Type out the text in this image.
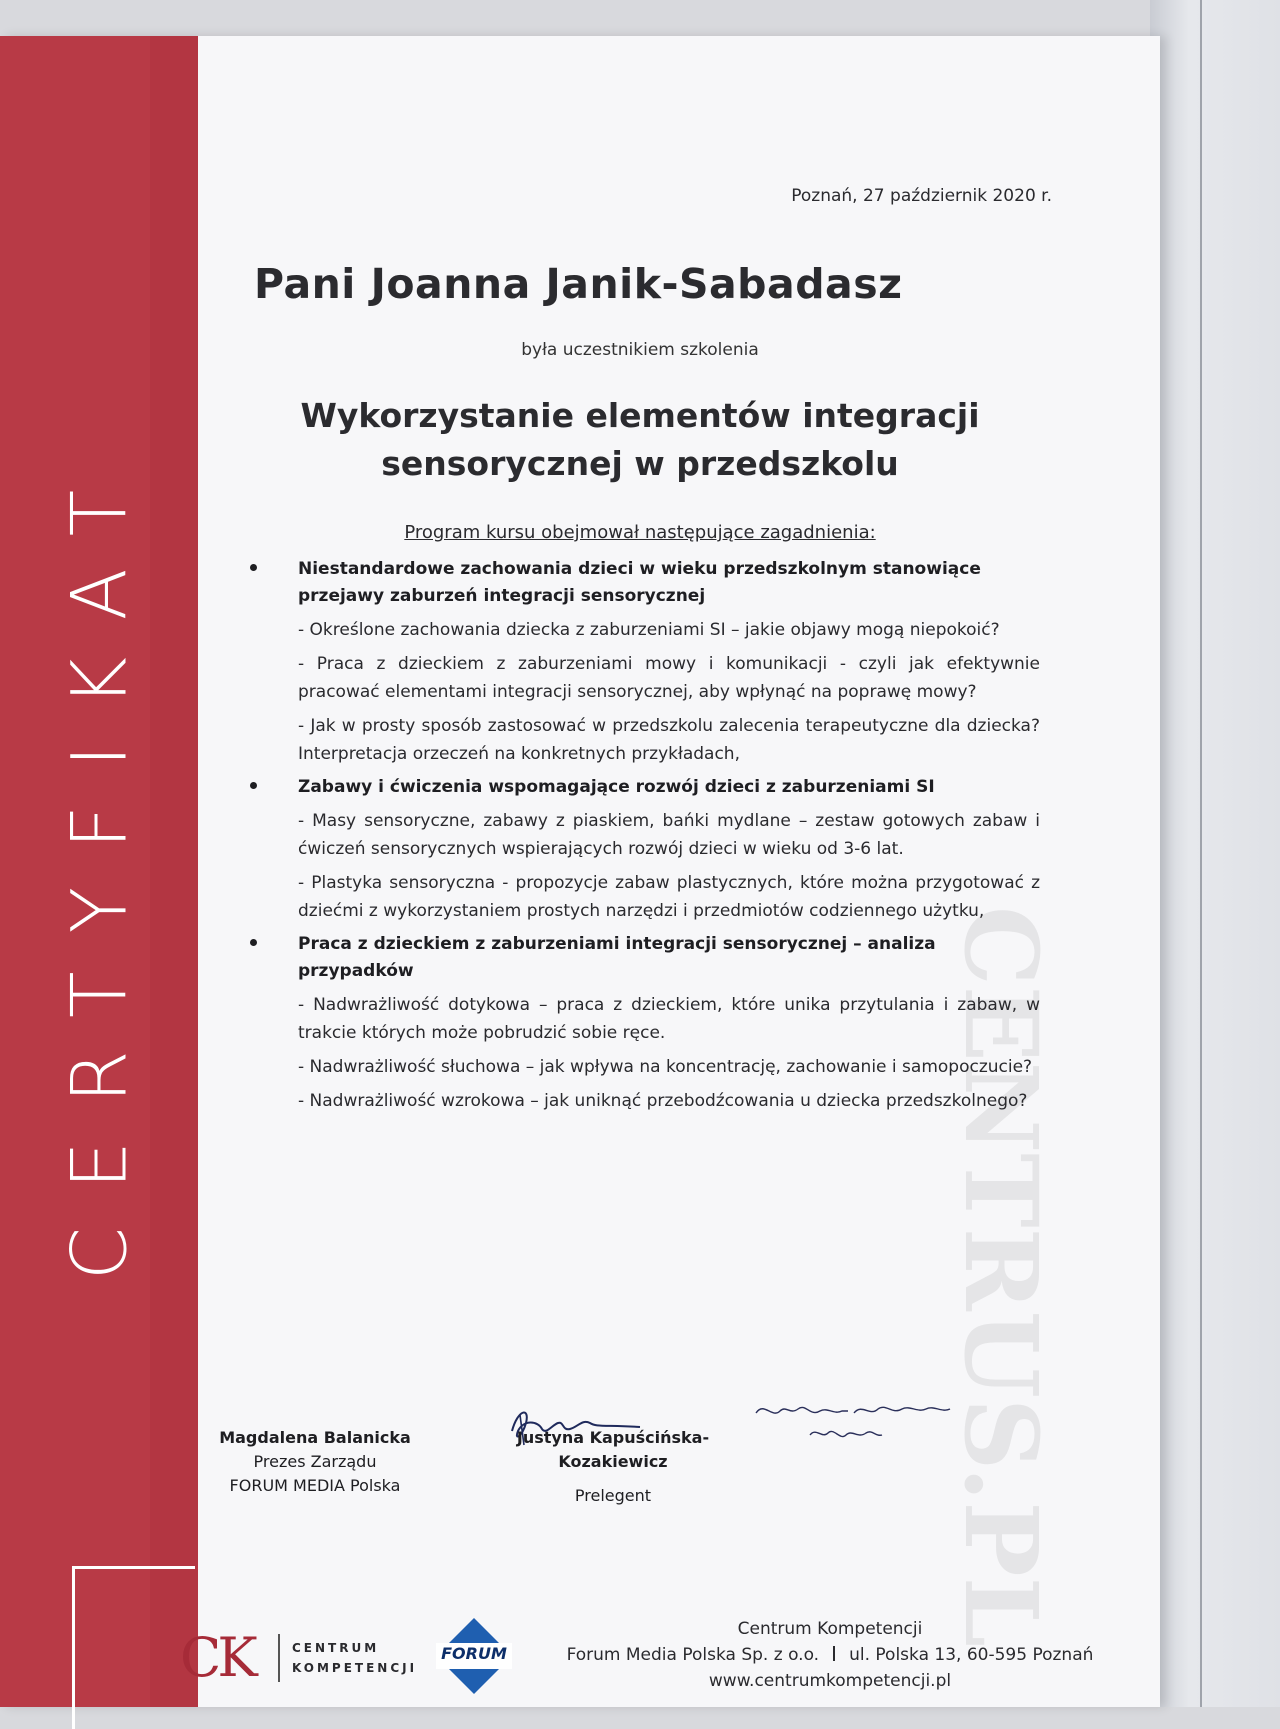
CERTYFIKAT	CENTRUS.PL
Poznań, 27 październik 2020 r.
Pani Joanna Janik-Sabadasz
była uczestnikiem szkolenia
Wykorzystanie elementów integracji
sensorycznej w przedszkolu
Program kursu obejmował następujące zagadnienia:
Niestandardowe zachowania dzieci w wieku przedszkolnym stanowiące przejawy zaburzeń integracji sensorycznej
- Określone zachowania dziecka z zaburzeniami SI – jakie objawy mogą niepokoić?
- Praca z dzieckiem z zaburzeniami mowy i komunikacji - czyli jak efektywnie pracować elementami integracji sensorycznej, aby wpłynąć na poprawę mowy?
- Jak w prosty sposób zastosować w przedszkolu zalecenia terapeutyczne dla dziecka? Interpretacja orzeczeń na konkretnych przykładach,
Zabawy i ćwiczenia wspomagające rozwój dzieci z zaburzeniami SI
- Masy sensoryczne, zabawy z piaskiem, bańki mydlane – zestaw gotowych zabaw i ćwiczeń sensorycznych wspierających rozwój dzieci w wieku od 3-6 lat.
- Plastyka sensoryczna - propozycje zabaw plastycznych, które można przygotować z dziećmi z wykorzystaniem prostych narzędzi i przedmiotów codziennego użytku,
Praca z dzieckiem z zaburzeniami integracji sensorycznej – analiza przypadków
- Nadwrażliwość dotykowa – praca z dzieckiem, które unika przytulania i zabaw, w trakcie których może pobrudzić sobie ręce.
- Nadwrażliwość słuchowa – jak wpływa na koncentrację, zachowanie i samopoczucie?
- Nadwrażliwość wzrokowa – jak uniknąć przebodźcowania u dziecka przedszkolnego?
Magdalena Balanicka
Prezes Zarządu
FORUM MEDIA Polska
Justyna Kapuścińska-Kozakiewicz
Prelegent
CK	CENTRUM
KOMPETENCJI
FORUM
Centrum Kompetencji
Forum Media Polska Sp. z o.o. ul. Polska 13, 60-595 Poznań
www.centrumkompetencji.pl
